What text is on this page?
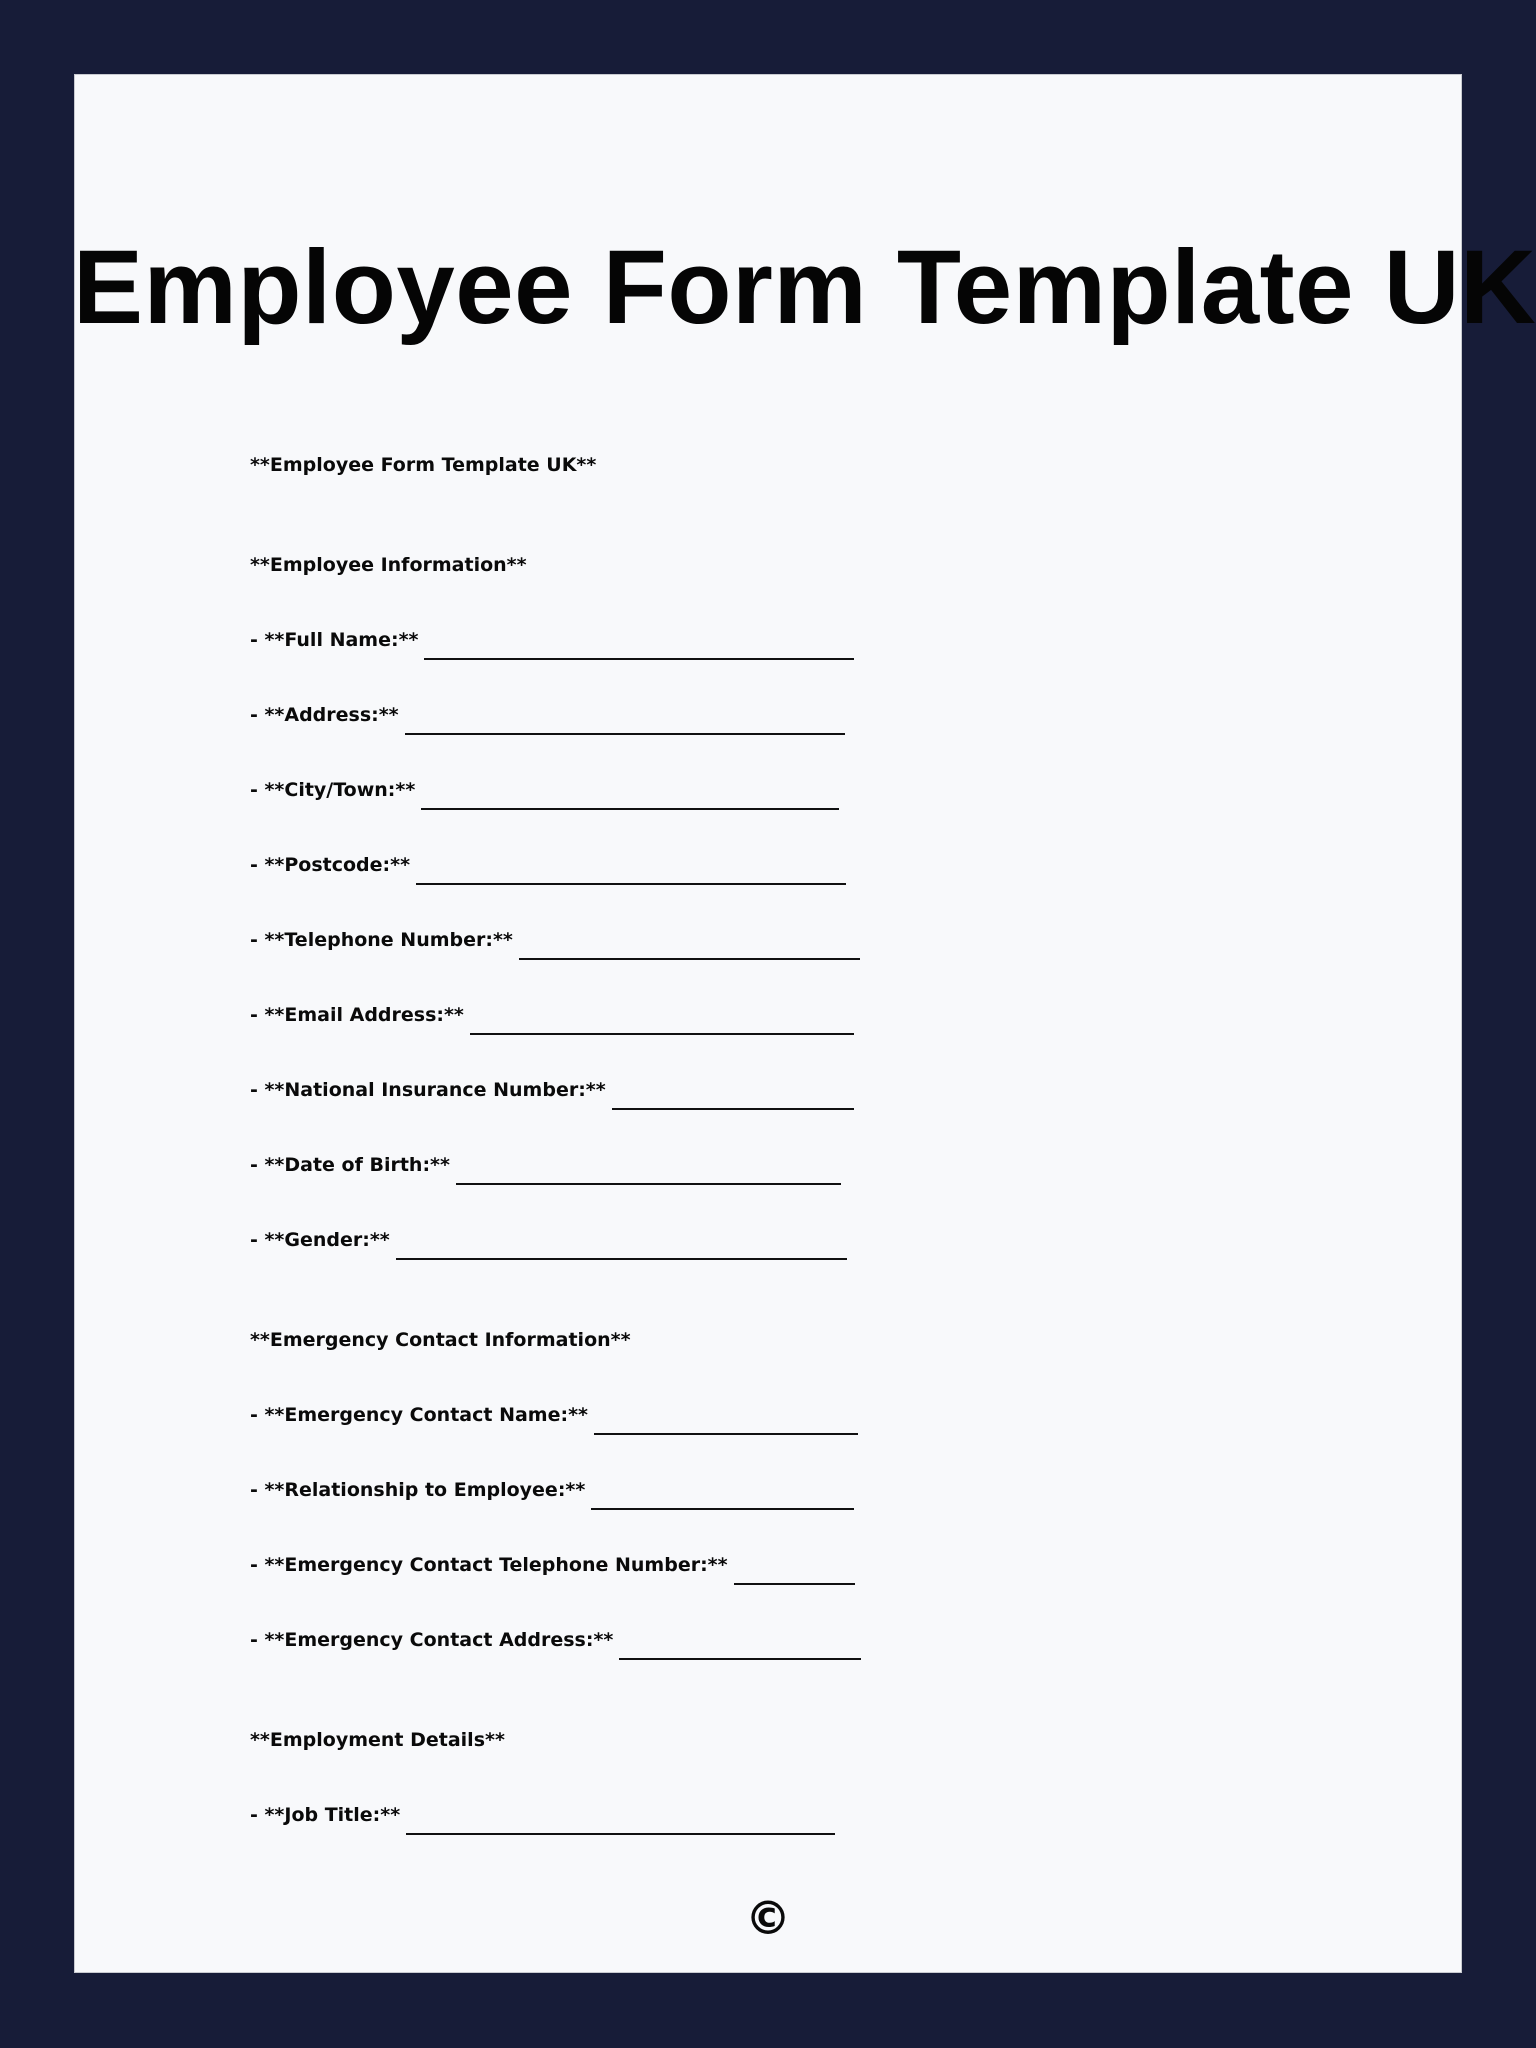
Employee Form Template UK
**Employee Form Template UK**
**Employee Information**
- **Full Name:**
- **Address:**
- **City/Town:**
- **Postcode:**
- **Telephone Number:**
- **Email Address:**
- **National Insurance Number:**
- **Date of Birth:**
- **Gender:**
**Emergency Contact Information**
- **Emergency Contact Name:**
- **Relationship to Employee:**
- **Emergency Contact Telephone Number:**
- **Emergency Contact Address:**
**Employment Details**
- **Job Title:**
©
